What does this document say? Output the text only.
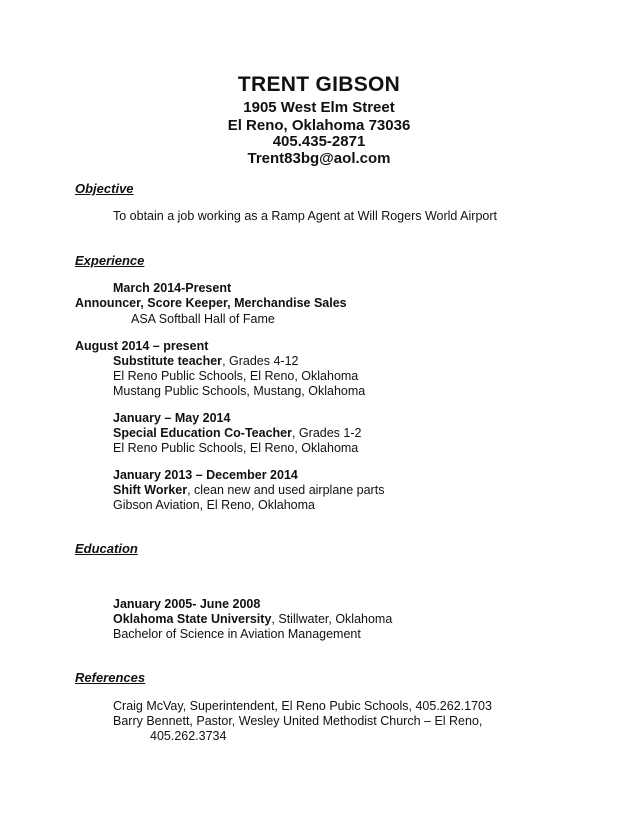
TRENT GIBSON
1905 West Elm Street
El Reno, Oklahoma 73036
405.435-2871
Trent83bg@aol.com
Objective
To obtain a job working as a Ramp Agent at Will Rogers World Airport
Experience
March 2014-Present
Announcer, Score Keeper, Merchandise Sales
ASA Softball Hall of Fame
August 2014 – present
Substitute teacher, Grades 4-12
El Reno Public Schools, El Reno, Oklahoma
Mustang Public Schools, Mustang, Oklahoma
January – May 2014
Special Education Co-Teacher, Grades 1-2
El Reno Public Schools, El Reno, Oklahoma
January 2013 – December 2014
Shift Worker, clean new and used airplane parts
Gibson Aviation, El Reno, Oklahoma
Education
January 2005- June 2008
Oklahoma State University, Stillwater, Oklahoma
Bachelor of Science in Aviation Management
References
Craig McVay, Superintendent, El Reno Pubic Schools, 405.262.1703
Barry Bennett, Pastor, Wesley United Methodist Church – El Reno,
405.262.3734
